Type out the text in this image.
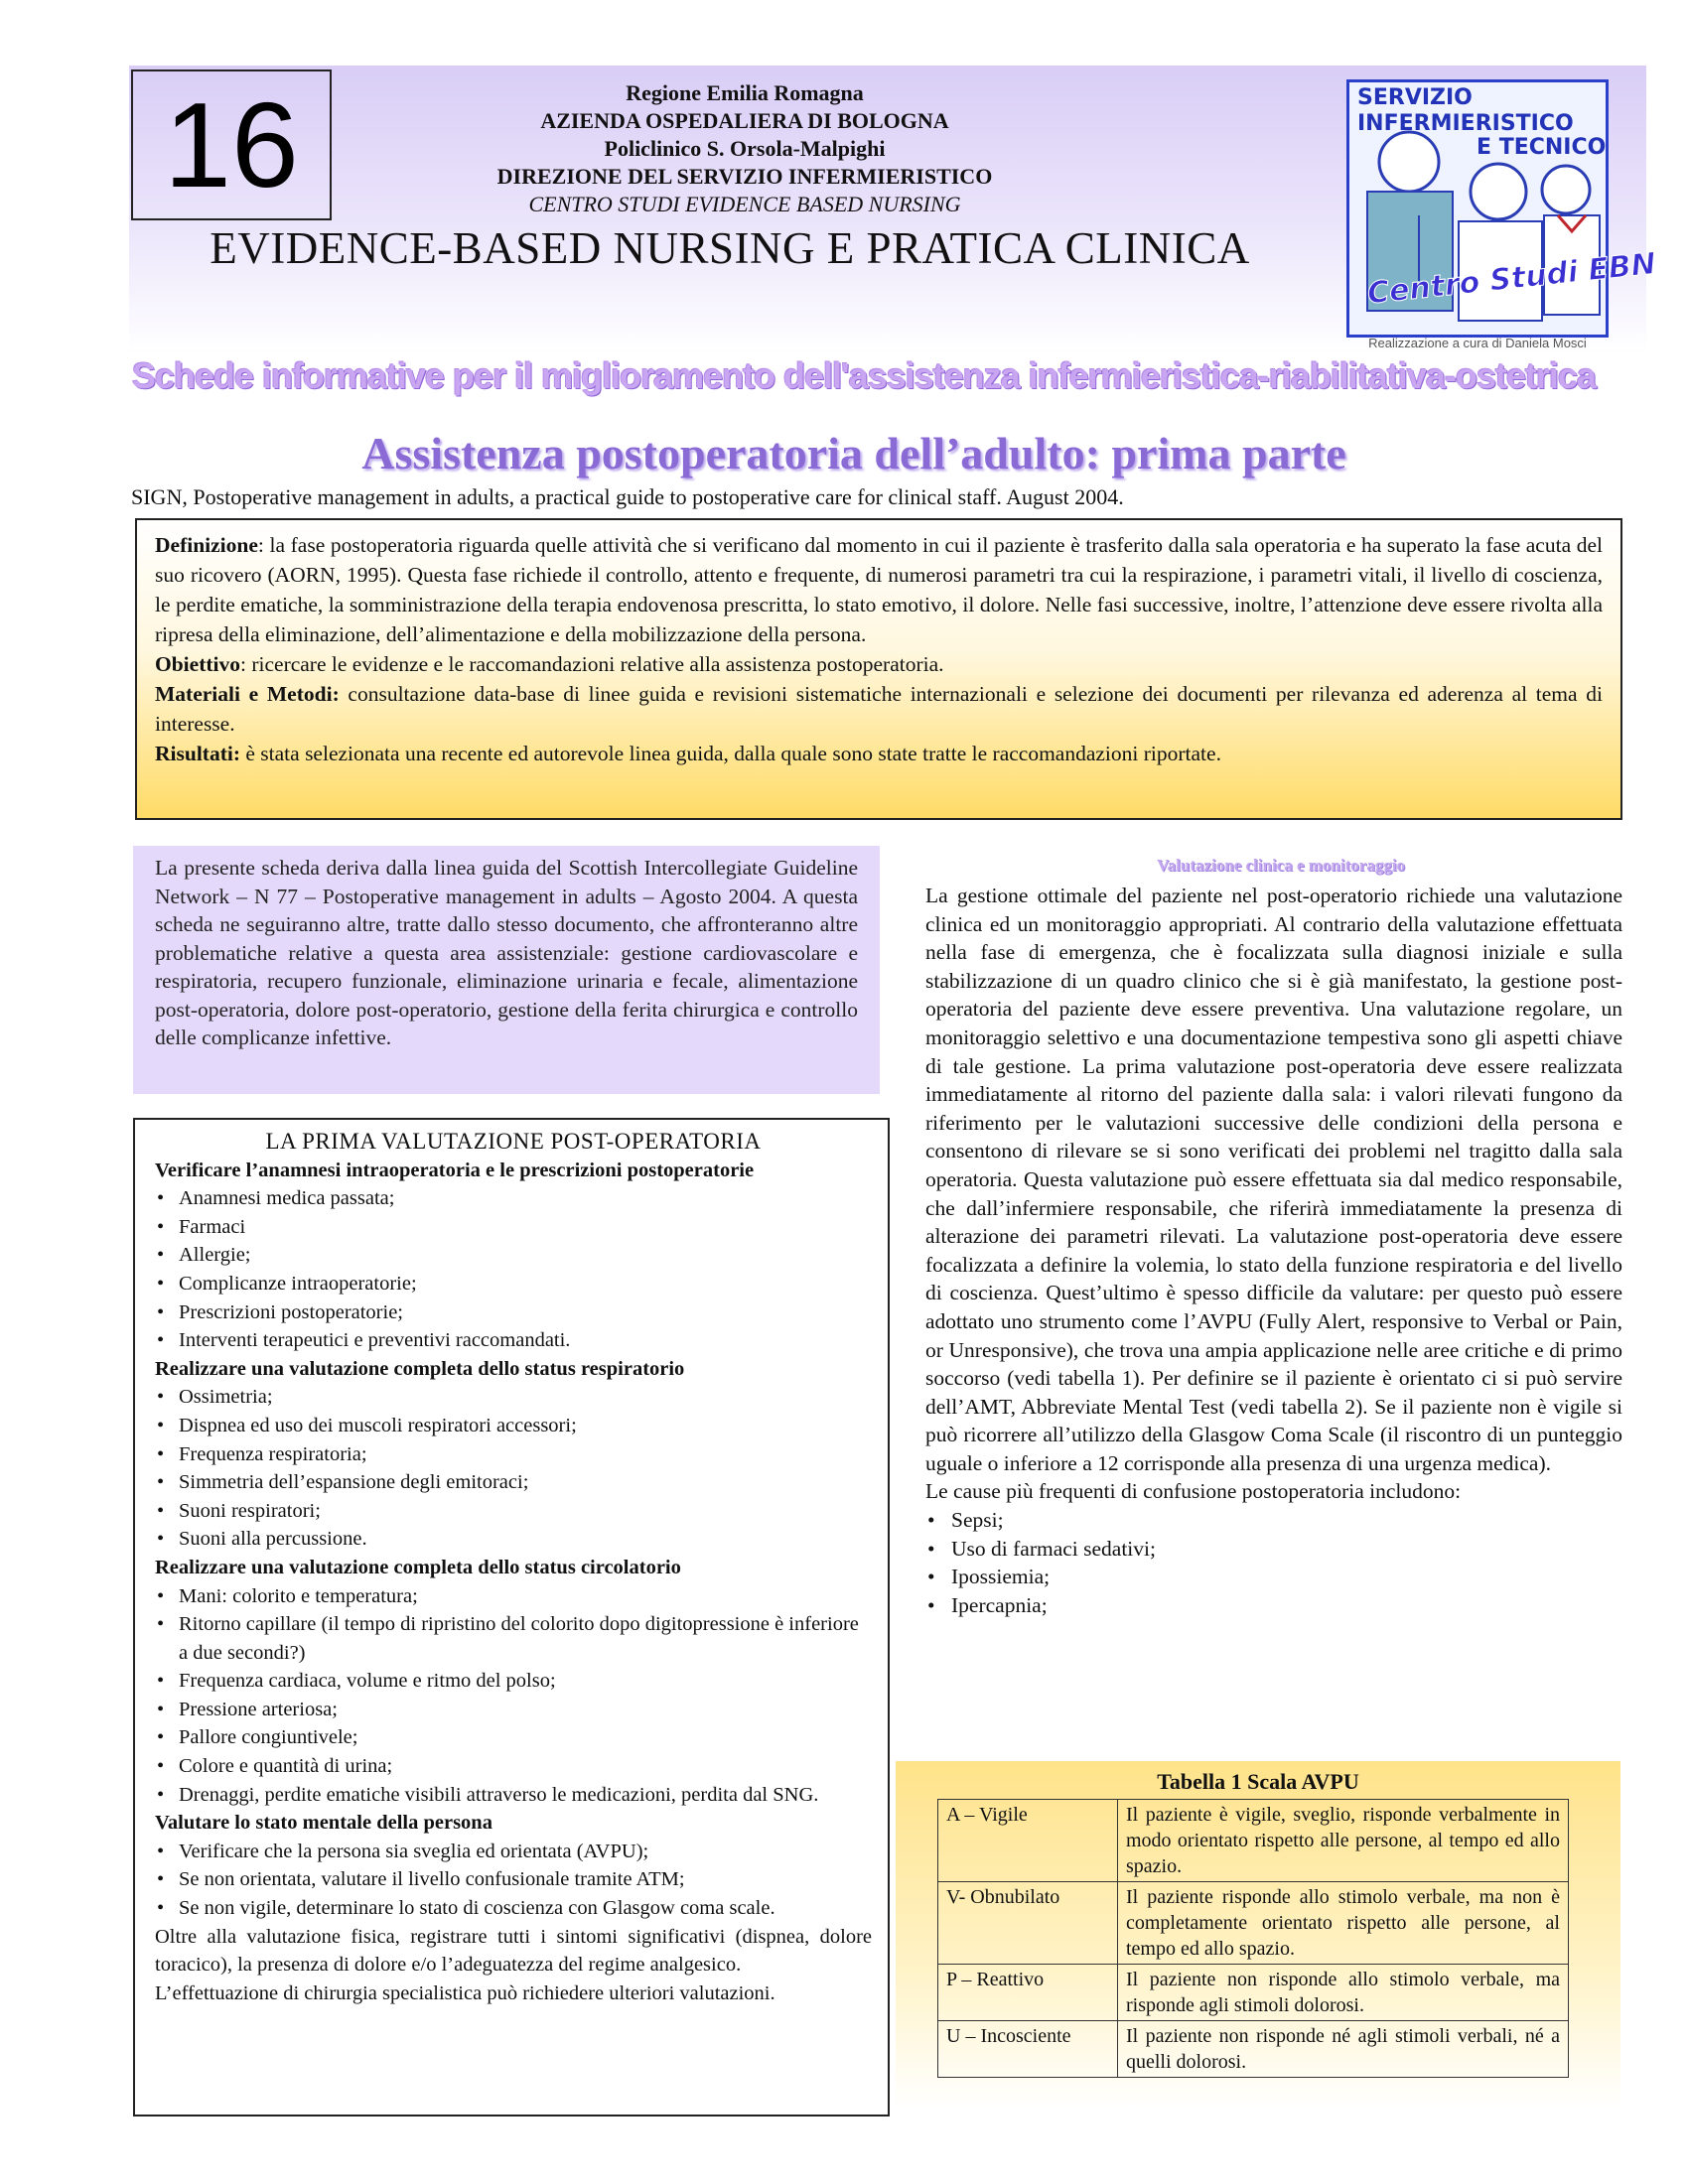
16	Regione Emilia Romagna
AZIENDA OSPEDALIERA DI BOLOGNA
Policlinico S. Orsola-Malpighi
DIREZIONE DEL SERVIZIO INFERMIERISTICO
CENTRO STUDI EVIDENCE BASED NURSING
EVIDENCE-BASED NURSING E PRATICA CLINICA
SERVIZIO
INFERMIERISTICO
E TECNICO
Centro Studi EBN
Realizzazione a cura di Daniela Mosci
Schede informative per il miglioramento dell'assistenza infermieristica-riabilitativa-ostetrica
Assistenza postoperatoria dell’adulto: prima parte
SIGN, Postoperative management in adults, a practical guide to postoperative care for clinical staff. August 2004.

Definizione: la fase postoperatoria riguarda quelle attività che si verificano dal momento in cui il paziente è trasferito dalla sala operatoria e ha superato la fase acuta del suo ricovero (AORN, 1995). Questa fase richiede il controllo, attento e frequente, di numerosi parametri tra cui la respirazione, i parametri vitali, il livello di coscienza, le perdite ematiche, la somministrazione della terapia endovenosa prescritta, lo stato emotivo, il dolore. Nelle fasi successive, inoltre, l’attenzione deve essere rivolta alla ripresa della eliminazione, dell’alimentazione e della mobilizzazione della persona.

Obiettivo: ricercare le evidenze e le raccomandazioni relative alla assistenza postoperatoria.

Materiali e Metodi: consultazione data-base di linee guida e revisioni sistematiche internazionali e selezione dei documenti per rilevanza ed aderenza al tema di interesse.

Risultati: è stata selezionata una recente ed autorevole linea guida, dalla quale sono state tratte le raccomandazioni riportate.

La presente scheda deriva dalla linea guida del Scottish Intercollegiate Guideline Network – N 77 – Postoperative management in adults – Agosto 2004. A questa scheda ne seguiranno altre, tratte dallo stesso documento, che affronteranno altre problematiche relative a questa area assistenziale: gestione cardiovascolare e respiratoria, recupero funzionale, eliminazione urinaria e fecale, alimentazione post-operatoria, dolore post-operatorio, gestione della ferita chirurgica e controllo delle complicanze infettive.
LA PRIMA VALUTAZIONE POST-OPERATORIA
Verificare l’anamnesi intraoperatoria e le prescrizioni postoperatorie
• Anamnesi medica passata;
• Farmaci
• Allergie;
• Complicanze intraoperatorie;
• Prescrizioni postoperatorie;
• Interventi terapeutici e preventivi raccomandati.
Realizzare una valutazione completa dello status respiratorio
• Ossimetria;
• Dispnea ed uso dei muscoli respiratori accessori;
• Frequenza respiratoria;
• Simmetria dell’espansione degli emitoraci;
• Suoni respiratori;
• Suoni alla percussione.
Realizzare una valutazione completa dello status circolatorio
• Mani: colorito e temperatura;
• Ritorno capillare (il tempo di ripristino del colorito dopo digitopressione è inferiore a due secondi?)
• Frequenza cardiaca, volume e ritmo del polso;
• Pressione arteriosa;
• Pallore congiuntivele;
• Colore e quantità di urina;
• Drenaggi, perdite ematiche visibili attraverso le medicazioni, perdita dal SNG.
Valutare lo stato mentale della persona
• Verificare che la persona sia sveglia ed orientata (AVPU);
• Se non orientata, valutare il livello confusionale tramite ATM;
• Se non vigile, determinare lo stato di coscienza con Glasgow coma scale.

Oltre alla valutazione fisica, registrare tutti i sintomi significativi (dispnea, dolore toracico), la presenza di dolore e/o l’adeguatezza del regime analgesico.

L’effettuazione di chirurgia specialistica può richiedere ulteriori valutazioni.

Valutazione clinica e monitoraggio

La gestione ottimale del paziente nel post-operatorio richiede una valutazione clinica ed un monitoraggio appropriati. Al contrario della valutazione effettuata nella fase di emergenza, che è focalizzata sulla diagnosi iniziale e sulla stabilizzazione di un quadro clinico che si è già manifestato, la gestione post-operatoria del paziente deve essere preventiva. Una valutazione regolare, un monitoraggio selettivo e una documentazione tempestiva sono gli aspetti chiave di tale gestione. La prima valutazione post-operatoria deve essere realizzata immediatamente al ritorno del paziente dalla sala: i valori rilevati fungono da riferimento per le valutazioni successive delle condizioni della persona e consentono di rilevare se si sono verificati dei problemi nel tragitto dalla sala operatoria. Questa valutazione può essere effettuata sia dal medico responsabile, che dall’infermiere responsabile, che riferirà immediatamente la presenza di alterazione dei parametri rilevati. La valutazione post-operatoria deve essere focalizzata a definire la volemia, lo stato della funzione respiratoria e del livello di coscienza. Quest’ultimo è spesso difficile da valutare: per questo può essere adottato uno strumento come l’AVPU (Fully Alert, responsive to Verbal or Pain, or Unresponsive), che trova una ampia applicazione nelle aree critiche e di primo soccorso (vedi tabella 1). Per definire se il paziente è orientato ci si può servire dell’AMT, Abbreviate Mental Test (vedi tabella 2). Se il paziente non è vigile si può ricorrere all’utilizzo della Glasgow Coma Scale (il riscontro di un punteggio uguale o inferiore a 12 corrisponde alla presenza di una urgenza medica).

Le cause più frequenti di confusione postoperatoria includono:

• Sepsi;
• Uso di farmaci sedativi;
• Ipossiemia;
• Ipercapnia;
Tabella 1 Scala AVPU
A – Vigile	Il paziente è vigile, sveglio, risponde verbalmente in modo orientato rispetto alle persone, al tempo ed allo spazio.
V- Obnubilato	Il paziente risponde allo stimolo verbale, ma non è completamente orientato rispetto alle persone, al tempo ed allo spazio.
P – Reattivo	Il paziente non risponde allo stimolo verbale, ma risponde agli stimoli dolorosi.
U – Incosciente	Il paziente non risponde né agli stimoli verbali, né a quelli dolorosi.
